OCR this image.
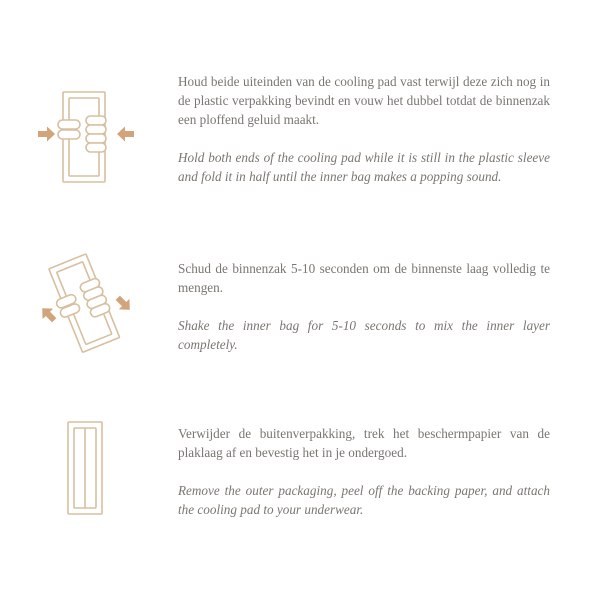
Houd beide uiteinden van de cooling pad vast terwijl deze zich nog in de plastic verpakking bevindt en vouw het dubbel totdat de binnenzak een ploffend geluid maakt.

Hold both ends of the cooling pad while it is still in the plastic sleeve and fold it in half until the inner bag makes a popping sound.

Schud de binnenzak 5-10 seconden om de binnenste laag volledig te mengen.

Shake the inner bag for 5-10 seconds to mix the inner layer completely.

Verwijder de buitenverpakking, trek het beschermpapier van de plaklaag af en bevestig het in je ondergoed.

Remove the outer packaging, peel off the backing paper, and attach the cooling pad to your underwear.
